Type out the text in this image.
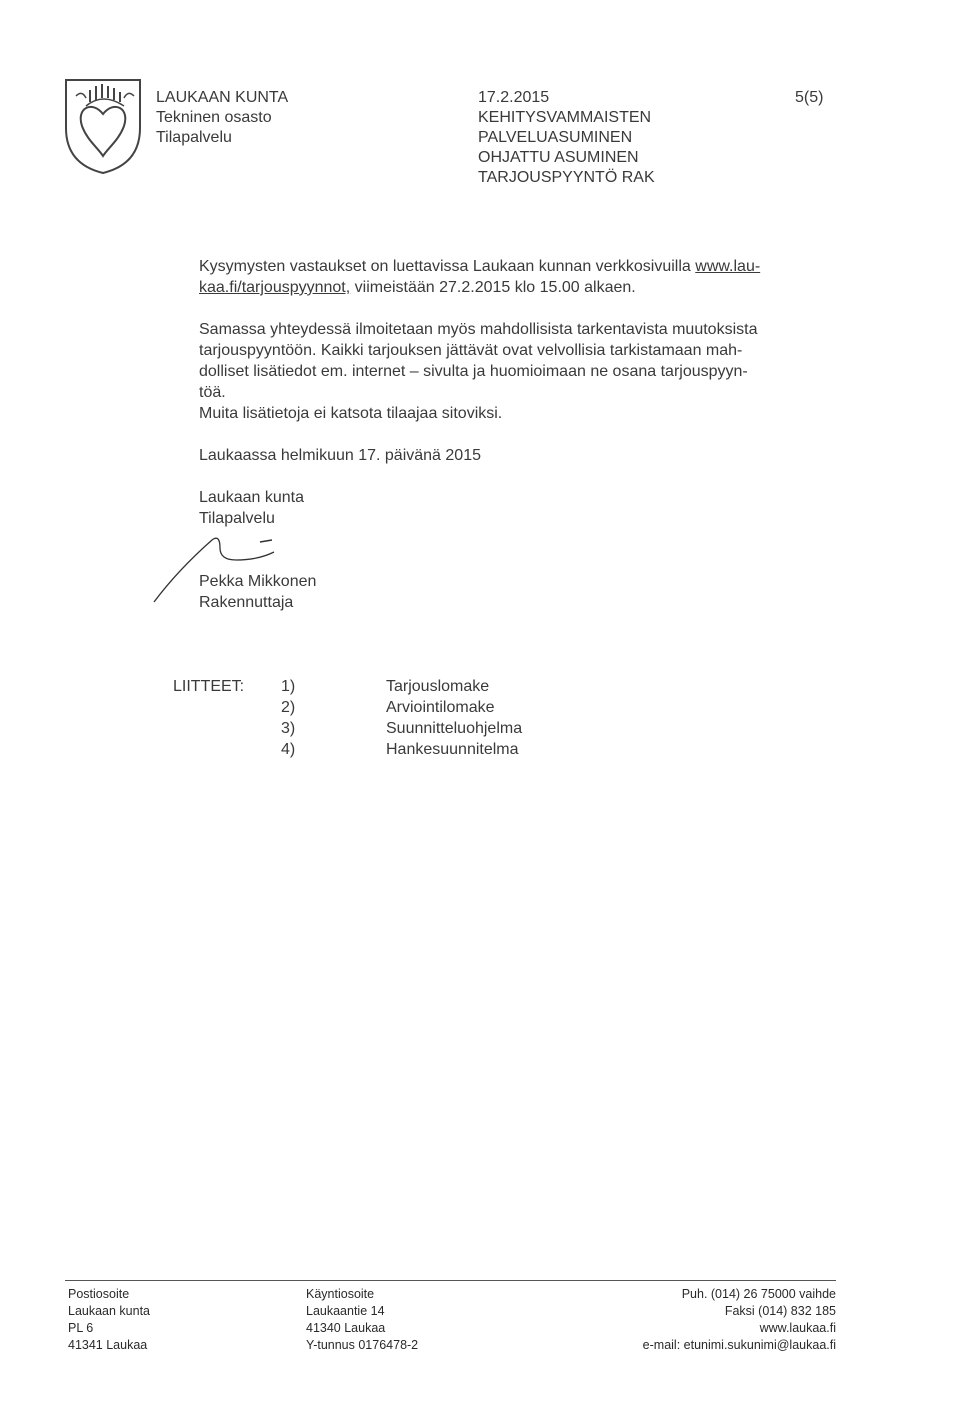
LAUKAAN KUNTA
Tekninen osasto
Tilapalvelu
17.2.2015
KEHITYSVAMMAISTEN
PALVELUASUMINEN
OHJATTU ASUMINEN
TARJOUSPYYNTÖ RAK
5(5)

Kysymysten vastaukset on luettavissa Laukaan kunnan verkkosivuilla www.lau-

kaa.fi/tarjouspyynnot, viimeistään 27.2.2015 klo 15.00 alkaen.

Samassa yhteydessä ilmoitetaan myös mahdollisista tarkentavista muutoksista

tarjouspyyntöön. Kaikki tarjouksen jättävät ovat velvollisia tarkistamaan mah-

dolliset lisätiedot em. internet – sivulta ja huomioimaan ne osana tarjouspyyn-

töä.

Muita lisätietoja ei katsota tilaajaa sitoviksi.

Laukaassa helmikuun 17. päivänä 2015
Laukaan kunta
Tilapalvelu
Pekka Mikkonen
Rakennuttaja
LIITTEET: 1)
2)
3)
4)
Tarjouslomake
Arviointilomake
Suunnitteluohjelma
Hankesuunnitelma
Postiosoite
Laukaan kunta
PL 6
41341 Laukaa
Käyntiosoite
Laukaantie 14
41340 Laukaa
Y-tunnus 0176478-2
Puh. (014) 26 75000 vaihde
Faksi (014) 832 185
www.laukaa.fi
e-mail: etunimi.sukunimi@laukaa.fi
